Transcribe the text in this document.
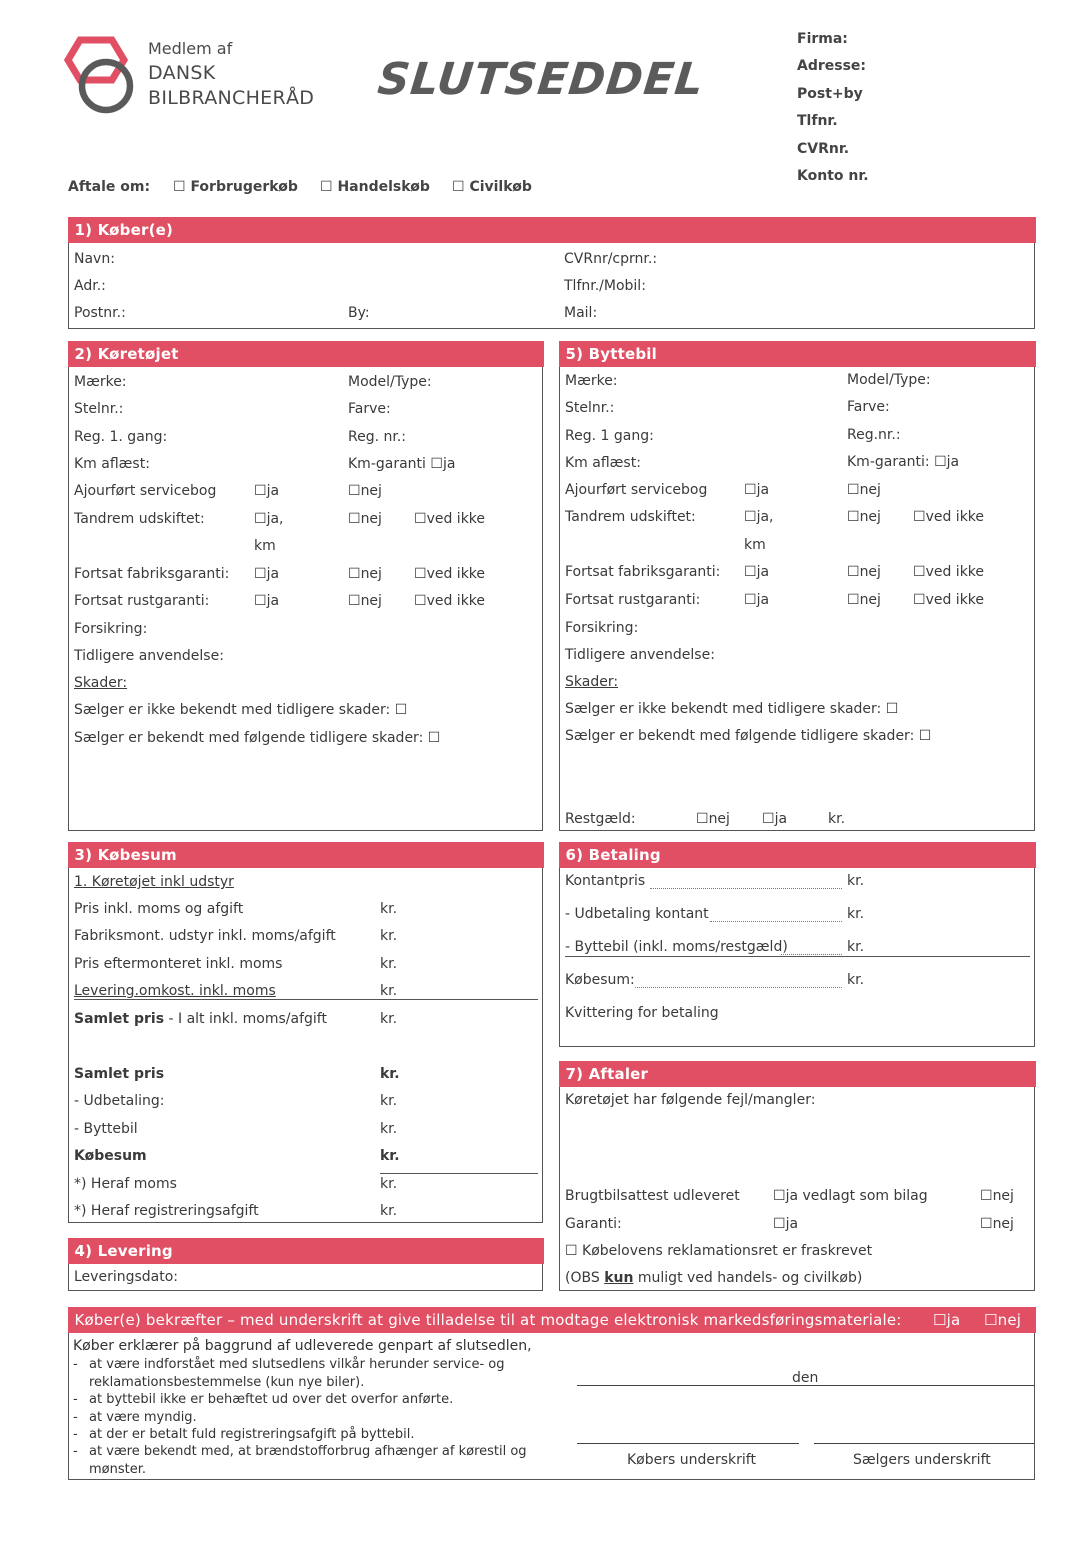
Medlem af
DANSK
BILBRANCHERÅD SLUTSEDDEL
Firma:
Adresse:
Post+by
Tlfnr.
CVRnr.
Konto nr.
Aftale om: ☐	Forbrugerkøb ☐	Handelskøb ☐	Civilkøb
1) Køber(e)
Navn:
Adr.:
Postnr.:	By:
CVRnr/cprnr.:
Tlfnr./Mobil:
Mail:
2) Køretøjet
Mærke:	Model/Type:
Stelnr.:	Farve:
Reg. 1. gang:	Reg. nr.:
Km aflæst:	Km-garanti ☐ ja
Ajourført servicebog ☐	ja ☐	nej
Tandrem udskiftet: ☐	ja, ☐	nej ☐	ved ikke
km
Fortsat fabriksgaranti: ☐	ja ☐	nej ☐	ved ikke
Fortsat rustgaranti: ☐	ja ☐	nej ☐	ved ikke
Forsikring:
Tidligere anvendelse:
Skader:
Sælger er ikke bekendt med tidligere skader: ☐
Sælger er bekendt med følgende tidligere skader: ☐
5) Byttebil
Mærke:	Model/Type:
Stelnr.:	Farve:
Reg. 1 gang:	Reg.nr.:
Km aflæst:	Km-garanti: ☐ ja
Ajourført servicebog ☐	ja ☐	nej
Tandrem udskiftet: ☐	ja, ☐	nej ☐	ved ikke
km
Fortsat fabriksgaranti: ☐	ja ☐	nej ☐	ved ikke
Fortsat rustgaranti: ☐	ja ☐	nej ☐	ved ikke
Forsikring:
Tidligere anvendelse:
Skader:
Sælger er ikke bekendt med tidligere skader: ☐
Sælger er bekendt med følgende tidligere skader: ☐
Restgæld: ☐	nej ☐	ja	kr.
3) Købesum
1. Køretøjet inkl udstyr
Pris inkl. moms og afgift	kr.
Fabriksmont. udstyr inkl. moms/afgift	kr.
Pris eftermonteret inkl. moms	kr.
Levering.omkost. inkl. moms	kr.
Samlet pris - I alt inkl. moms/afgift	kr.
Samlet pris	kr.
- Udbetaling:	kr.
- Byttebil	kr.
Købesum	kr.
*) Heraf moms	kr.
*) Heraf registreringsafgift	kr.
4) Levering
Leveringsdato:
6) Betaling
Kontantpris	kr.
- Udbetaling kontant	kr.
- Byttebil (inkl. moms/restgæld)	kr.
Købesum:	kr.
Kvittering for betaling
7) Aftaler
Køretøjet har følgende fejl/mangler:
Brugtbilsattest udleveret ☐	ja vedlagt som bilag ☐	nej
Garanti: ☐	ja ☐	nej
☐ Købelovens reklamationsret er fraskrevet
(OBS kun muligt ved handels- og civilkøb)
Køber(e) bekræfter – med underskrift at give tilladelse til at modtage elektronisk markedsføringsmateriale: ☐	ja ☐	nej
Køber erklærer på baggrund af udleverede genpart af slutsedlen,
- at være indforstået med slutsedlens vilkår herunder service- og reklamationsbestemmelse (kun nye biler).
- at byttebil ikke er behæftet ud over det overfor anførte.
- at være myndig.
- at der er betalt fuld registreringsafgift på byttebil.
- at være bekendt med, at brændstofforbrug afhænger af kørestil og mønster.
den
Købers underskrift	Sælgers underskrift
